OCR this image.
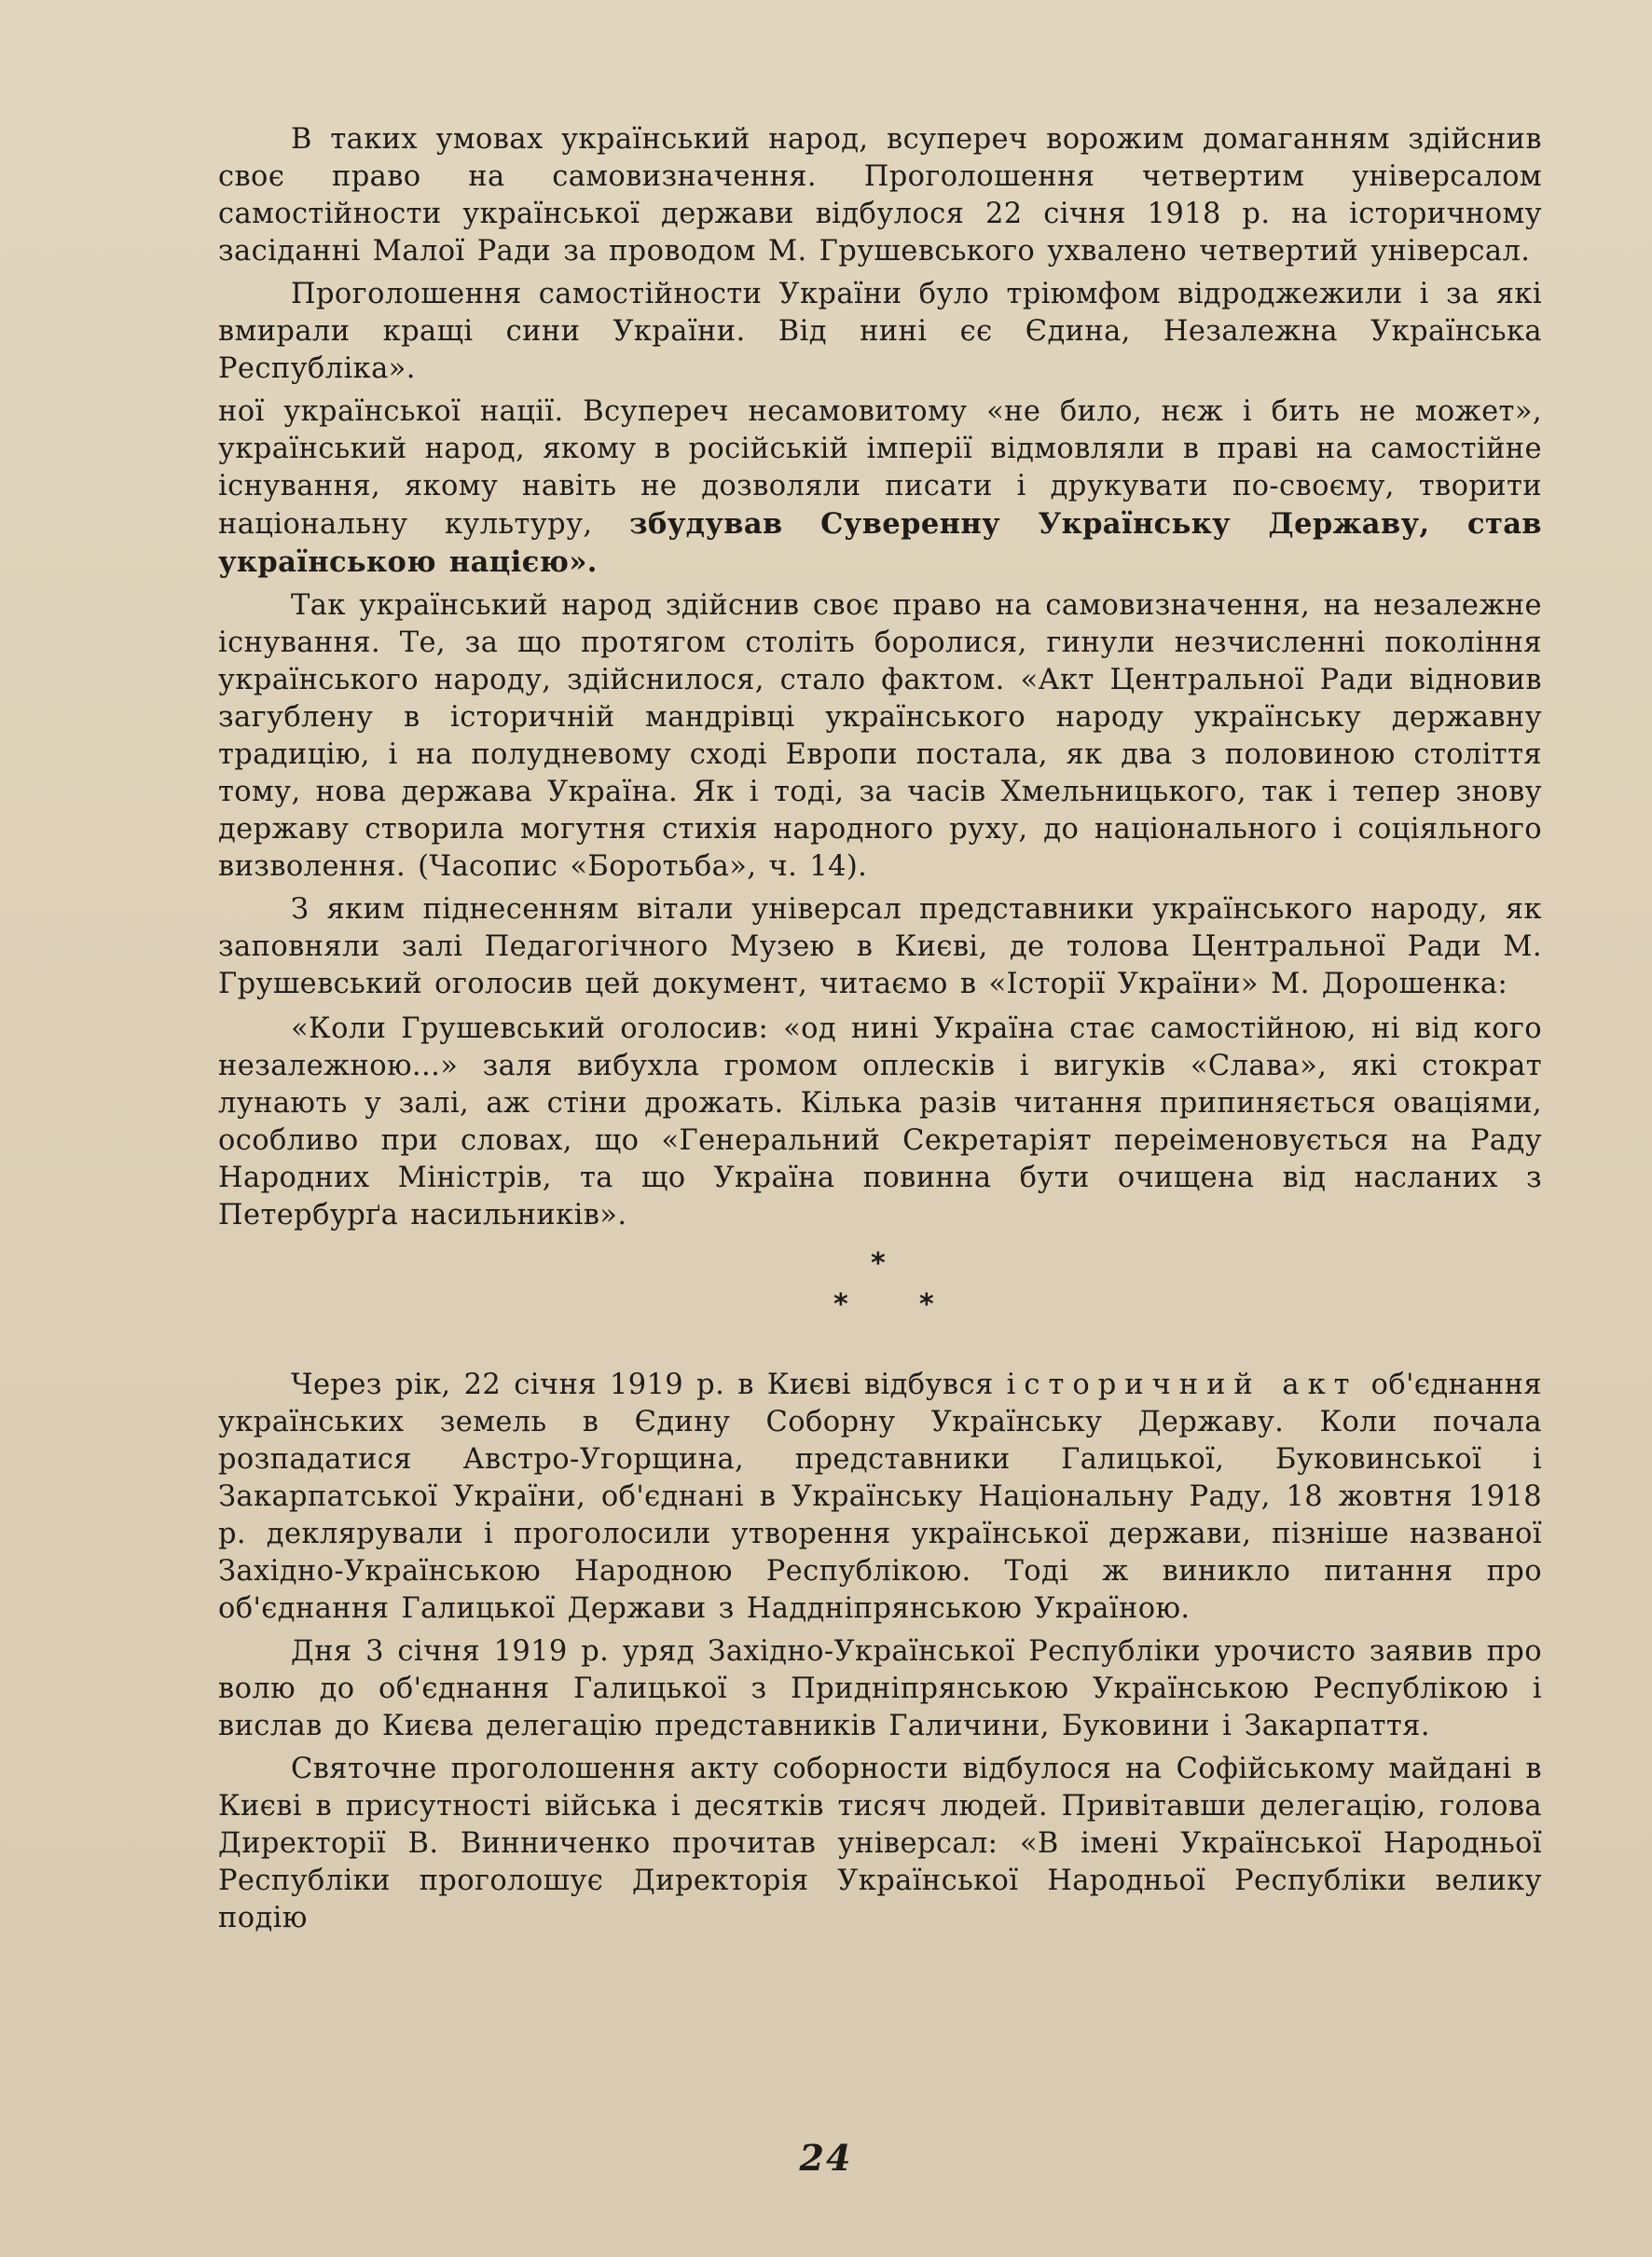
В таких умовах український народ, всупереч ворожим домаганням здійснив своє право на самовизначення. Проголошення четвертим універсалом самостійности української держави відбулося 22 січня 1918 р. на історичному засіданні Малої Ради за проводом М. Грушевського ухвалено четвертий універсал.

Проголошення самостійности України було тріюмфом відроджежили і за які вмирали кращі сини України. Від нині єє Єдина, Незалежна Українська Республіка».

ної української нації. Всупереч несамовитому «не било, нєж і бить не может», український народ, якому в російській імперії відмовляли в праві на самостійне існування, якому навіть не дозволяли писати і друкувати по-своєму, творити національну культуру, збудував Суверенну Українську Державу, став українською нацією».

Так український народ здійснив своє право на самовизначення, на незалежне існування. Те, за що протягом століть боролися, гинули незчисленні покоління українського народу, здійснилося, стало фактом. «Акт Центральної Ради відновив загублену в історичній мандрівці українського народу українську державну традицію, і на полудневому сході Европи постала, як два з половиною століття тому, нова держава Україна. Як і тоді, за часів Хмельницького, так і тепер знову державу створила могутня стихія народного руху, до національного і соціяльного визволення. (Часопис «Боротьба», ч. 14).

З яким піднесенням вітали універсал представники українського народу, як заповняли залі Педагогічного Музею в Києві, де толова Центральної Ради М. Грушевський оголосив цей документ, читаємо в «Історії України» М. Дорошенка:

«Коли Грушевський оголосив: «од нині Україна стає самостійною, ні від кого незалежною...» заля вибухла громом оплесків і вигуків «Слава», які стократ лунають у залі, аж стіни дрожать. Кілька разів читання припиняється оваціями, особливо при словах, що «Генеральний Секретаріят переіменовується на Раду Народних Міністрів, та що Україна повинна бути очищена від насланих з Петербурґа насильників».

*
*	*

Через рік, 22 січня 1919 р. в Києві відбувся історичний акт об'єднання українських земель в Єдину Соборну Українську Державу. Коли почала розпадатися Австро-Угорщина, представники Галицької, Буковинської і Закарпатської України, об'єднані в Українську Національну Раду, 18 жовтня 1918 р. деклярували і проголосили утворення української держави, пізніше названої Західно-Українською Народною Республікою. Тоді ж виникло питання про об'єднання Галицької Держави з Наддніпрянською Україною.

Дня 3 січня 1919 р. уряд Західно-Української Республіки урочисто заявив про волю до об'єднання Галицької з Придніпрянською Українською Республікою і вислав до Києва делегацію представників Галичини, Буковини і Закарпаття.

Святочне проголошення акту соборности відбулося на Софійському майдані в Києві в присутності війська і десятків тисяч людей. Привітавши делегацію, голова Директорії В. Винниченко прочитав універсал: «В імені Української Народньої Республіки проголошує Директорія Української Народньої Республіки велику подію

24
